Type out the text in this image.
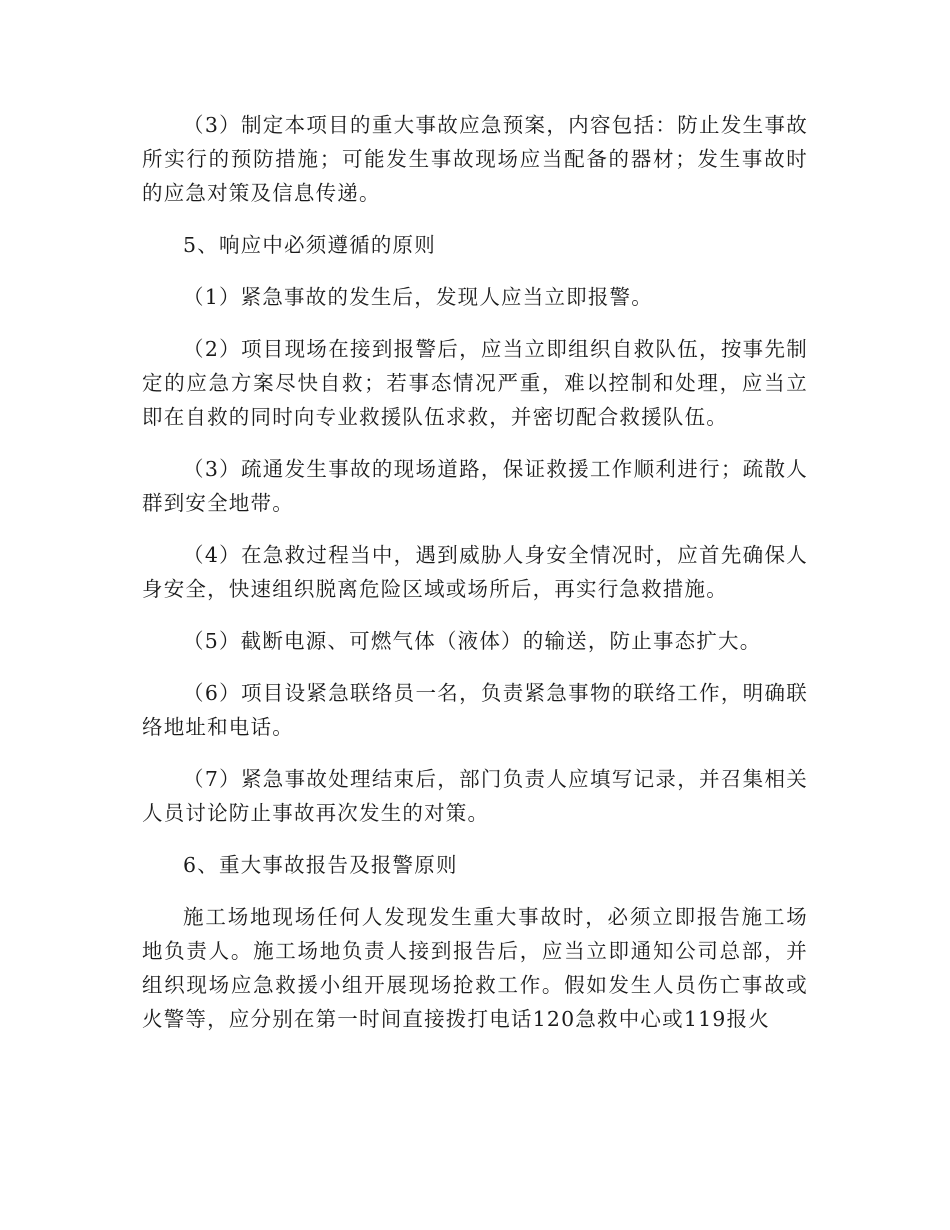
（3）制定本项目的重大事故应急预案，内容包括：防止发生事故所实行的预防措施；可能发生事故现场应当配备的器材；发生事故时的应急对策及信息传递。

5、响应中必须遵循的原则

（1）紧急事故的发生后，发现人应当立即报警。

（2）项目现场在接到报警后，应当立即组织自救队伍，按事先制定的应急方案尽快自救；若事态情况严重，难以控制和处理，应当立即在自救的同时向专业救援队伍求救，并密切配合救援队伍。

（3）疏通发生事故的现场道路，保证救援工作顺利进行；疏散人群到安全地带。

（4）在急救过程当中，遇到威胁人身安全情况时，应首先确保人身安全，快速组织脱离危险区域或场所后，再实行急救措施。

（5）截断电源、可燃气体（液体）的输送，防止事态扩大。

（6）项目设紧急联络员一名，负责紧急事物的联络工作，明确联络地址和电话。

（7）紧急事故处理结束后，部门负责人应填写记录，并召集相关人员讨论防止事故再次发生的对策。

6、重大事故报告及报警原则

施工场地现场任何人发现发生重大事故时，必须立即报告施工场地负责人。施工场地负责人接到报告后，应当立即通知公司总部，并组织现场应急救援小组开展现场抢救工作。假如发生人员伤亡事故或火警等，应分别在第一时间直接拨打电话120急救中心或119报火
